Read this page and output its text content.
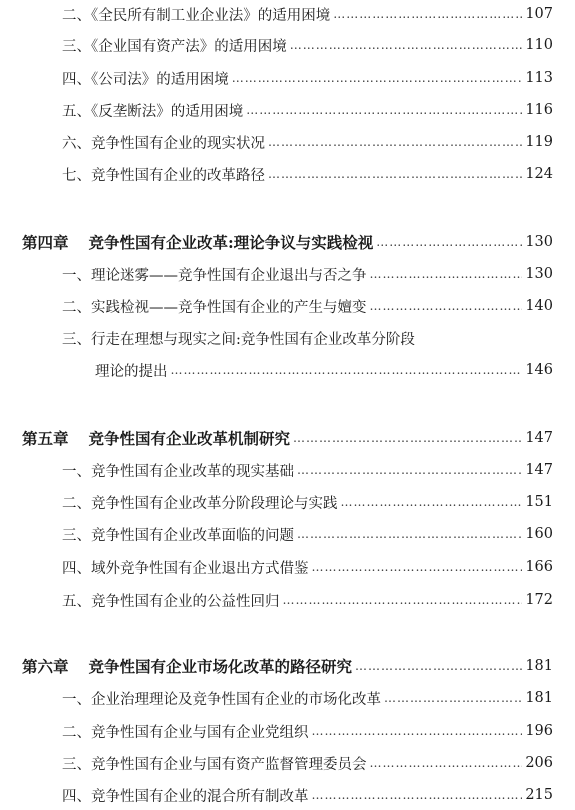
二、《全民所有制工业企业法》的适用困境 ………………………………………………………………………………………………………………………………………………………………………………	107
三、《企业国有资产法》的适用困境 ………………………………………………………………………………………………………………………………………………………………………………	110
四、《公司法》的适用困境 ………………………………………………………………………………………………………………………………………………………………………………	113
五、《反垄断法》的适用困境 ………………………………………………………………………………………………………………………………………………………………………………	116
六、竞争性国有企业的现实状况 ………………………………………………………………………………………………………………………………………………………………………………	119
七、竞争性国有企业的改革路径 ………………………………………………………………………………………………………………………………………………………………………………	124
第四章 竞争性国有企业改革:理论争议与实践检视 ………………………………………………………………………………………………………………………………………………………………………………	130
一、理论迷雾——竞争性国有企业退出与否之争 ………………………………………………………………………………………………………………………………………………………………………………	130
二、实践检视——竞争性国有企业的产生与嬗变 ………………………………………………………………………………………………………………………………………………………………………………	140
三、行走在理想与现实之间:竞争性国有企业改革分阶段
理论的提出 ………………………………………………………………………………………………………………………………………………………………………………	146
第五章 竞争性国有企业改革机制研究 ………………………………………………………………………………………………………………………………………………………………………………	147
一、竞争性国有企业改革的现实基础 ………………………………………………………………………………………………………………………………………………………………………………	147
二、竞争性国有企业改革分阶段理论与实践 ………………………………………………………………………………………………………………………………………………………………………………	151
三、竞争性国有企业改革面临的问题 ………………………………………………………………………………………………………………………………………………………………………………	160
四、域外竞争性国有企业退出方式借鉴 ………………………………………………………………………………………………………………………………………………………………………………	166
五、竞争性国有企业的公益性回归 ………………………………………………………………………………………………………………………………………………………………………………	172
第六章 竞争性国有企业市场化改革的路径研究 ………………………………………………………………………………………………………………………………………………………………………………	181
一、企业治理理论及竞争性国有企业的市场化改革 ………………………………………………………………………………………………………………………………………………………………………………	181
二、竞争性国有企业与国有企业党组织 ………………………………………………………………………………………………………………………………………………………………………………	196
三、竞争性国有企业与国有资产监督管理委员会 ………………………………………………………………………………………………………………………………………………………………………………	206
四、竞争性国有企业的混合所有制改革 ………………………………………………………………………………………………………………………………………………………………………………	215
